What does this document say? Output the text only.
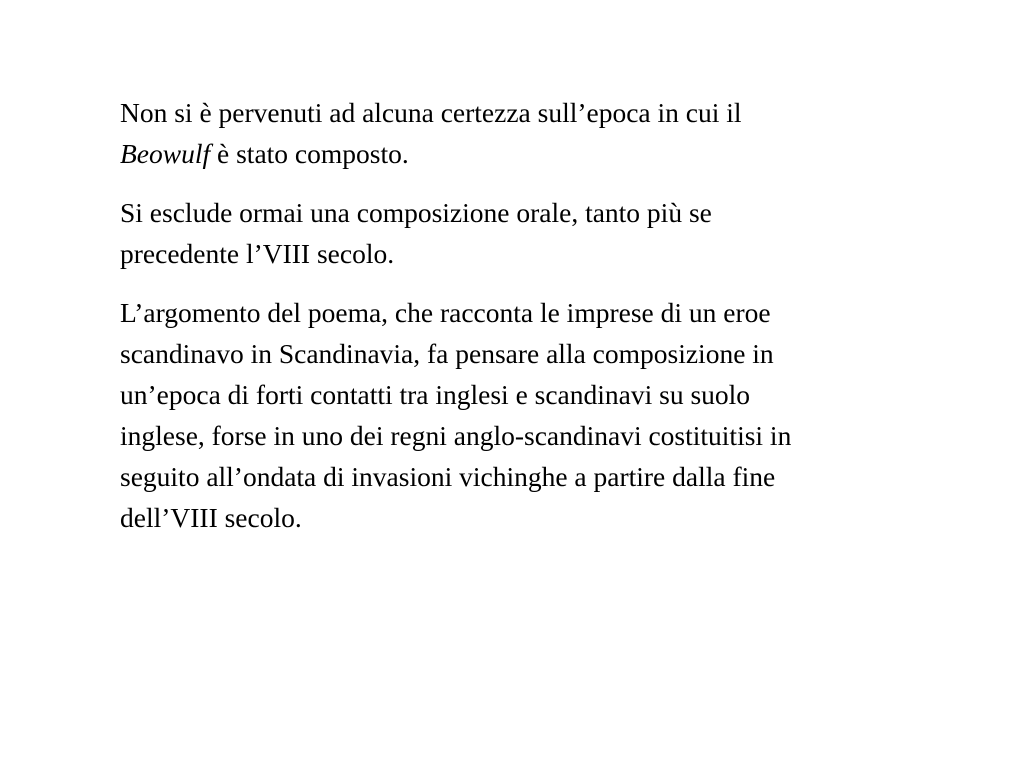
Non si è pervenuti ad alcuna certezza sull’epoca in cui il
Beowulf è stato composto.

Si esclude ormai una composizione orale, tanto più se
precedente l’VIII secolo.

L’argomento del poema, che racconta le imprese di un eroe
scandinavo in Scandinavia, fa pensare alla composizione in
un’epoca di forti contatti tra inglesi e scandinavi su suolo
inglese, forse in uno dei regni anglo-scandinavi costituitisi in
seguito all’ondata di invasioni vichinghe a partire dalla fine
dell’VIII secolo.
